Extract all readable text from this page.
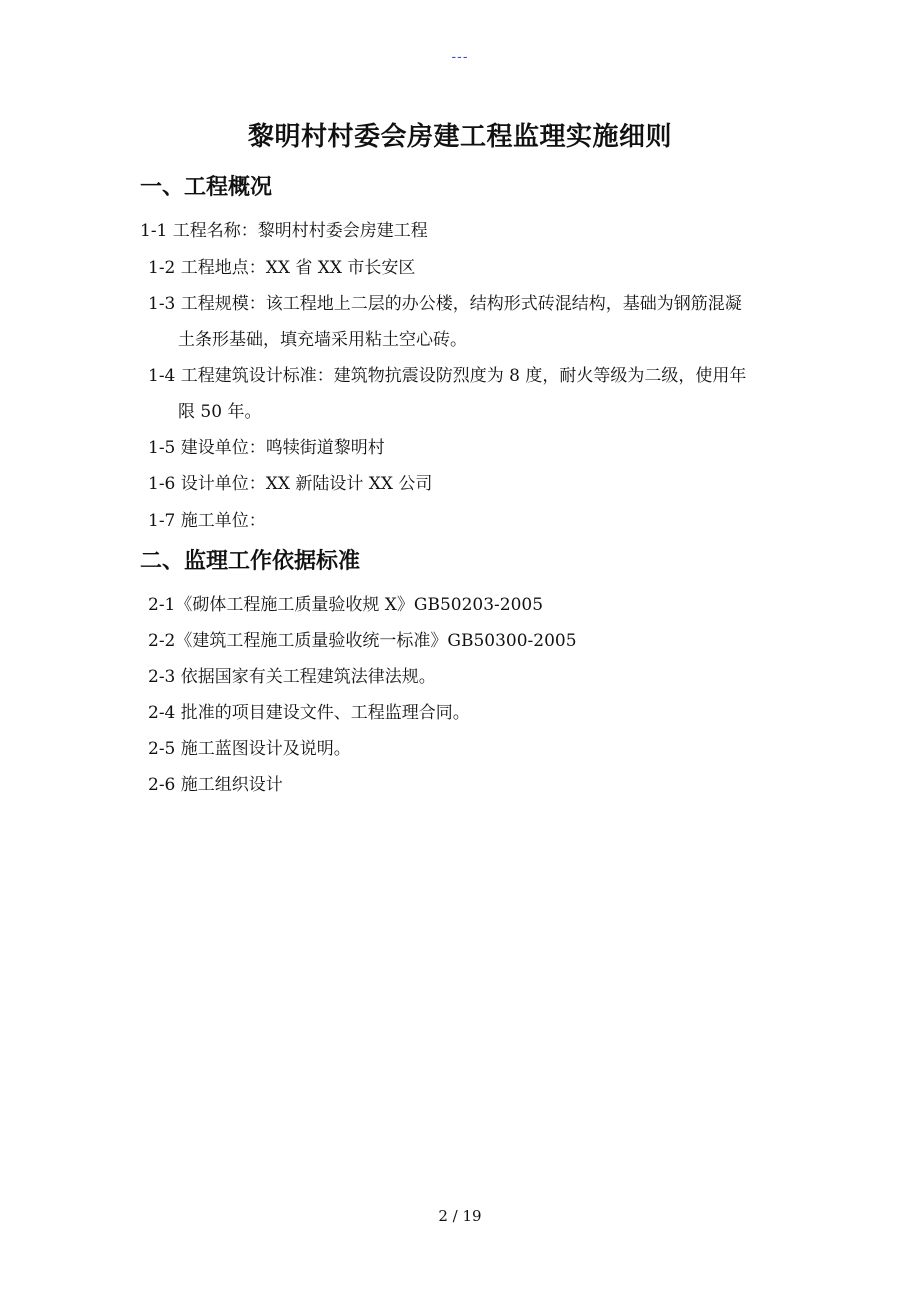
---
黎明村村委会房建工程监理实施细则
一、工程概况
1-1 工程名称：黎明村村委会房建工程
1-2 工程地点：XX 省 XX 市长安区
1-3 工程规模：该工程地上二层的办公楼，结构形式砖混结构，基础为钢筋混凝
土条形基础，填充墙采用粘土空心砖。
1-4 工程建筑设计标准：建筑物抗震设防烈度为 8 度，耐火等级为二级，使用年
限 50 年。
1-5 建设单位：鸣犊街道黎明村
1-6 设计单位：XX 新陆设计 XX 公司
1-7 施工单位：
二、监理工作依据标准
2-1《砌体工程施工质量验收规 X》GB50203-2005
2-2《建筑工程施工质量验收统一标准》GB50300-2005
2-3 依据国家有关工程建筑法律法规。
2-4 批准的项目建设文件、工程监理合同。
2-5 施工蓝图设计及说明。
2-6 施工组织设计
2 / 19
